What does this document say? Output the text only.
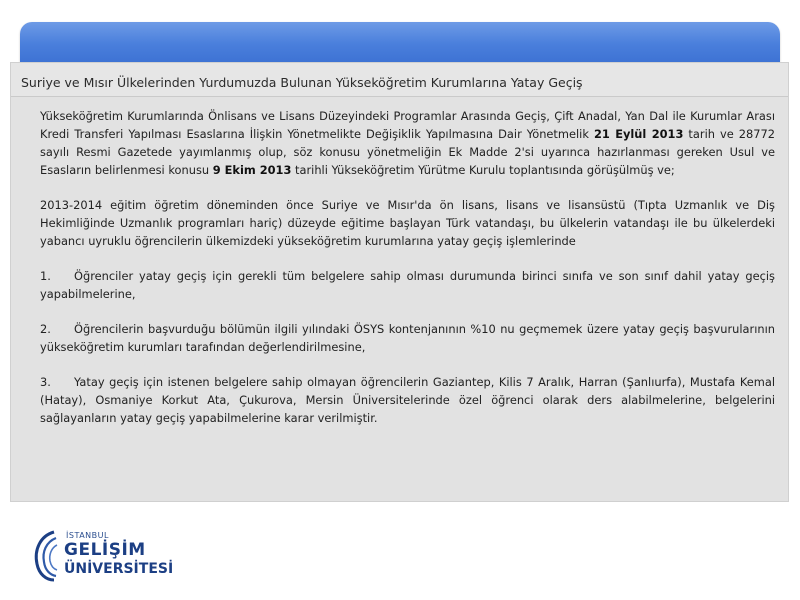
Suriye ve Mısır Ülkelerinden Yurdumuzda Bulunan Yükseköğretim Kurumlarına Yatay Geçiş

Yükseköğretim Kurumlarında Önlisans ve Lisans Düzeyindeki Programlar Arasında Geçiş, Çift Anadal, Yan Dal ile Kurumlar Arası Kredi Transferi Yapılması Esaslarına İlişkin Yönetmelikte Değişiklik Yapılmasına Dair Yönetmelik 21 Eylül 2013 tarih ve 28772 sayılı Resmi Gazetede yayımlanmış olup, söz konusu yönetmeliğin Ek Madde 2'si uyarınca hazırlanması gereken Usul ve Esasların belirlenmesi konusu 9 Ekim 2013 tarihli Yükseköğretim Yürütme Kurulu toplantısında görüşülmüş ve;

2013-2014 eğitim öğretim döneminden önce Suriye ve Mısır'da ön lisans, lisans ve lisansüstü (Tıpta Uzmanlık ve Diş Hekimliğinde Uzmanlık programları hariç) düzeyde eğitime başlayan Türk vatandaşı, bu ülkelerin vatandaşı ile bu ülkelerdeki yabancı uyruklu öğrencilerin ülkemizdeki yükseköğretim kurumlarına yatay geçiş işlemlerinde

1. Öğrenciler yatay geçiş için gerekli tüm belgelere sahip olması durumunda birinci sınıfa ve son sınıf dahil yatay geçiş yapabilmelerine,

2. Öğrencilerin başvurduğu bölümün ilgili yılındaki ÖSYS kontenjanının %10 nu geçmemek üzere yatay geçiş başvurularının yükseköğretim kurumları tarafından değerlendirilmesine,

3. Yatay geçiş için istenen belgelere sahip olmayan öğrencilerin Gaziantep, Kilis 7 Aralık, Harran (Şanlıurfa), Mustafa Kemal (Hatay), Osmaniye Korkut Ata, Çukurova, Mersin Üniversitelerinde özel öğrenci olarak ders alabilmelerine, belgelerini sağlayanların yatay geçiş yapabilmelerine karar verilmiştir.

İSTANBUL
GELİŞİM
ÜNİVERSİTESİ
